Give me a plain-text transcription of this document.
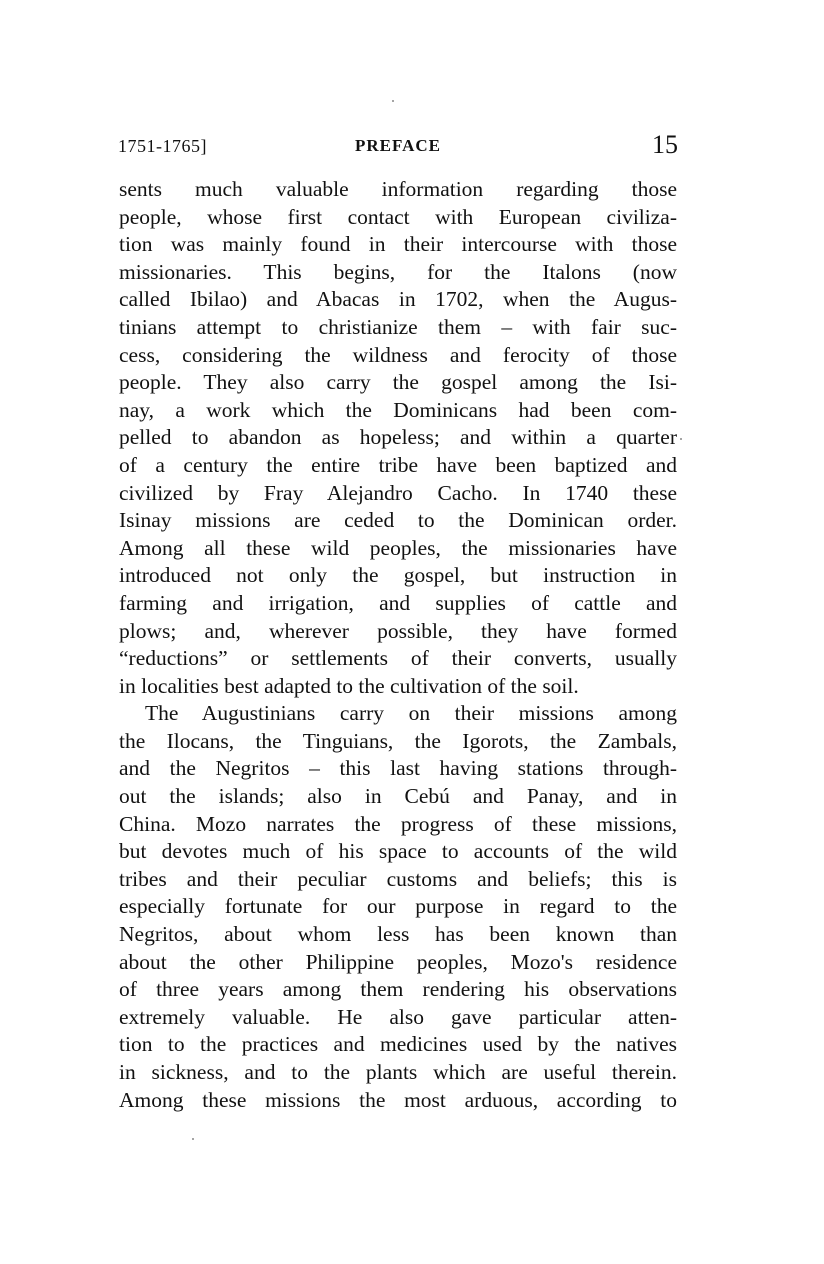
1751-1765]	PREFACE	15
sents much valuable information regarding those
people, whose first contact with European civiliza-
tion was mainly found in their intercourse with those
missionaries. This begins, for the Italons (now
called Ibilao) and Abacas in 1702, when the Augus-
tinians attempt to christianize them – with fair suc-
cess, considering the wildness and ferocity of those
people. They also carry the gospel among the Isi-
nay, a work which the Dominicans had been com-
pelled to abandon as hopeless; and within a quarter
of a century the entire tribe have been baptized and
civilized by Fray Alejandro Cacho. In 1740 these
Isinay missions are ceded to the Dominican order.
Among all these wild peoples, the missionaries have
introduced not only the gospel, but instruction in
farming and irrigation, and supplies of cattle and
plows; and, wherever possible, they have formed
“reductions” or settlements of their converts, usually
in localities best adapted to the cultivation of the soil.
The Augustinians carry on their missions among
the Ilocans, the Tinguians, the Igorots, the Zambals,
and the Negritos – this last having stations through-
out the islands; also in Cebú and Panay, and in
China. Mozo narrates the progress of these missions,
but devotes much of his space to accounts of the wild
tribes and their peculiar customs and beliefs; this is
especially fortunate for our purpose in regard to the
Negritos, about whom less has been known than
about the other Philippine peoples, Mozo's residence
of three years among them rendering his observations
extremely valuable. He also gave particular atten-
tion to the practices and medicines used by the natives
in sickness, and to the plants which are useful therein.
Among these missions the most arduous, according to
